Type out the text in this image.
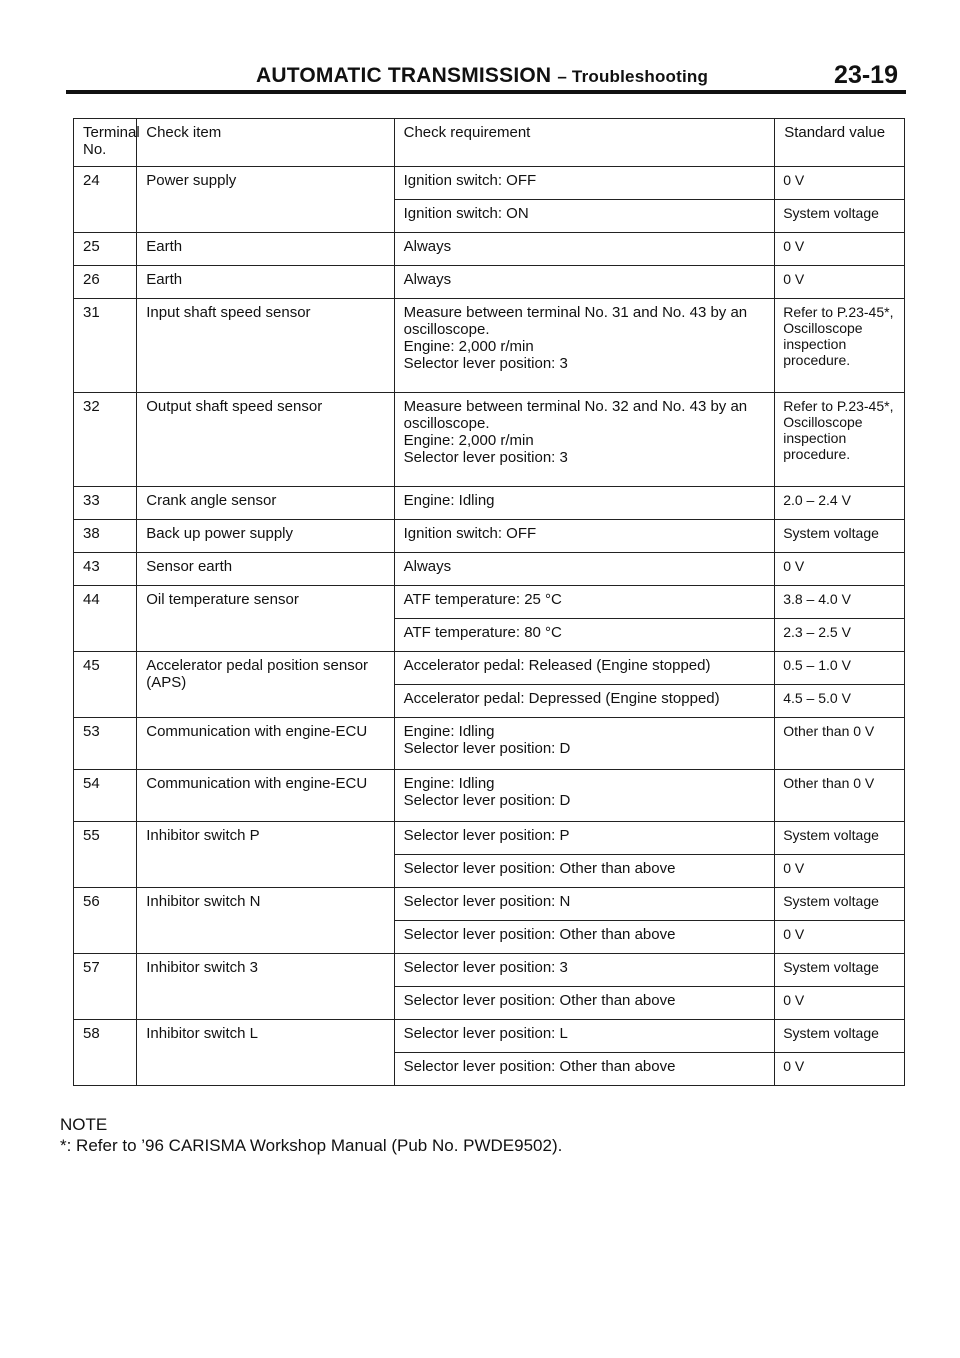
AUTOMATIC TRANSMISSION – Troubleshooting	23-19
Terminal No.	Check item	Check requirement	Standard value
24	Power supply	Ignition switch: OFF	0 V
		Ignition switch: ON	System voltage
25	Earth	Always	0 V
26	Earth	Always	0 V
31	Input shaft speed sensor	Measure between terminal No. 31 and No. 43 by an oscilloscope.
Engine: 2,000 r/min
Selector lever position: 3	Refer to P.23-45*, Oscilloscope inspection procedure.
32	Output shaft speed sensor	Measure between terminal No. 32 and No. 43 by an oscilloscope.
Engine: 2,000 r/min
Selector lever position: 3	Refer to P.23-45*, Oscilloscope inspection procedure.
33	Crank angle sensor	Engine: Idling	2.0 – 2.4 V
38	Back up power supply	Ignition switch: OFF	System voltage
43	Sensor earth	Always	0 V
44	Oil temperature sensor	ATF temperature: 25 °C	3.8 – 4.0 V
		ATF temperature: 80 °C	2.3 – 2.5 V
45	Accelerator pedal position sensor (APS)	Accelerator pedal: Released (Engine stopped)	0.5 – 1.0 V
		Accelerator pedal: Depressed (Engine stopped)	4.5 – 5.0 V
53	Communication with engine-ECU	Engine: Idling
Selector lever position: D	Other than 0 V
54	Communication with engine-ECU	Engine: Idling
Selector lever position: D	Other than 0 V
55	Inhibitor switch P	Selector lever position: P	System voltage
		Selector lever position: Other than above	0 V
56	Inhibitor switch N	Selector lever position: N	System voltage
		Selector lever position: Other than above	0 V
57	Inhibitor switch 3	Selector lever position: 3	System voltage
		Selector lever position: Other than above	0 V
58	Inhibitor switch L	Selector lever position: L	System voltage
		Selector lever position: Other than above	0 V
NOTE
*: Refer to ’96 CARISMA Workshop Manual (Pub No. PWDE9502).
